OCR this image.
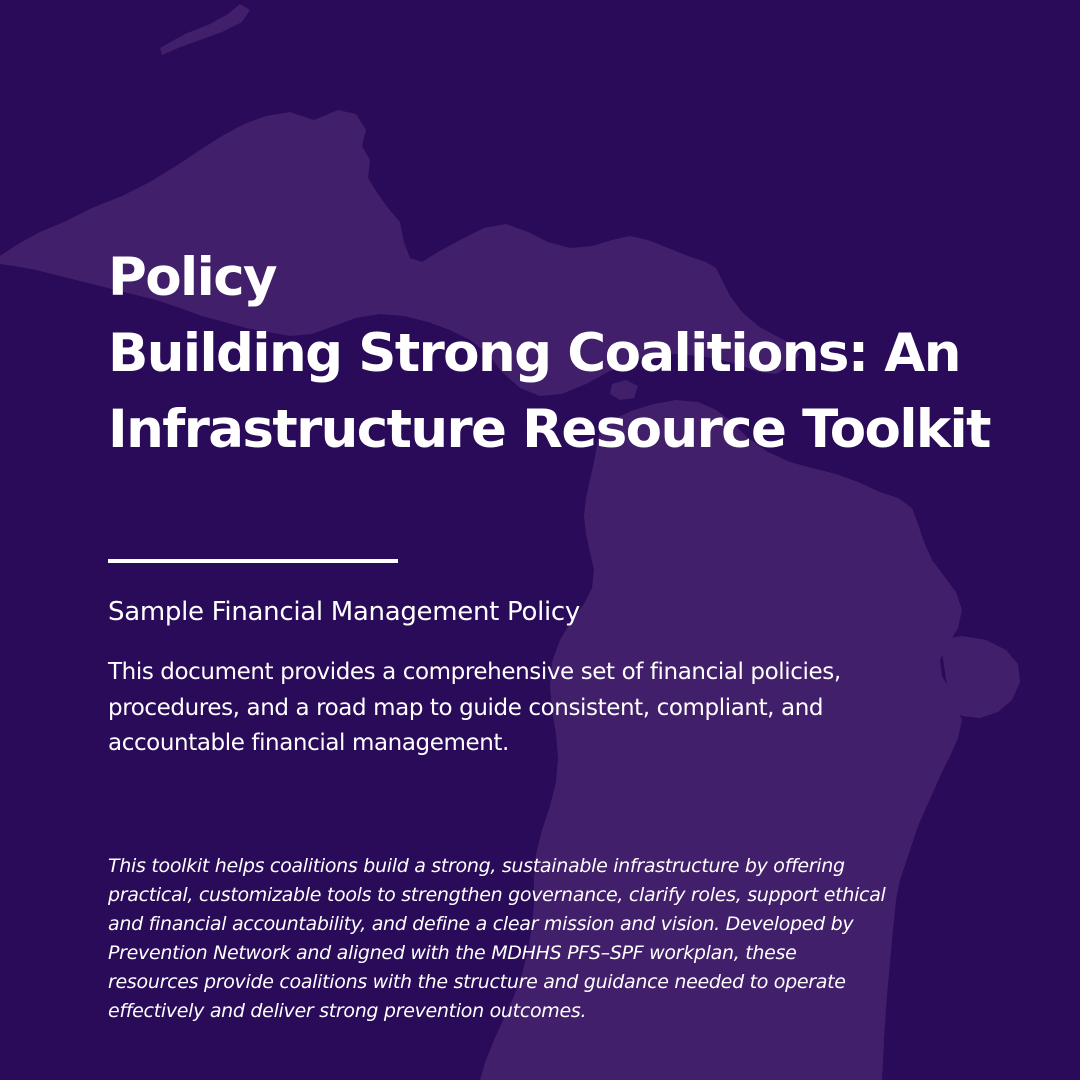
Policy
Building Strong Coalitions: An
Infrastructure Resource Toolkit
Sample Financial Management Policy

This document provides a comprehensive set of financial policies,
procedures, and a road map to guide consistent, compliant, and
accountable financial management.

This toolkit helps coalitions build a strong, sustainable infrastructure by offering
practical, customizable tools to strengthen governance, clarify roles, support ethical
and financial accountability, and define a clear mission and vision. Developed by
Prevention Network and aligned with the MDHHS PFS–SPF workplan, these
resources provide coalitions with the structure and guidance needed to operate
effectively and deliver strong prevention outcomes.
